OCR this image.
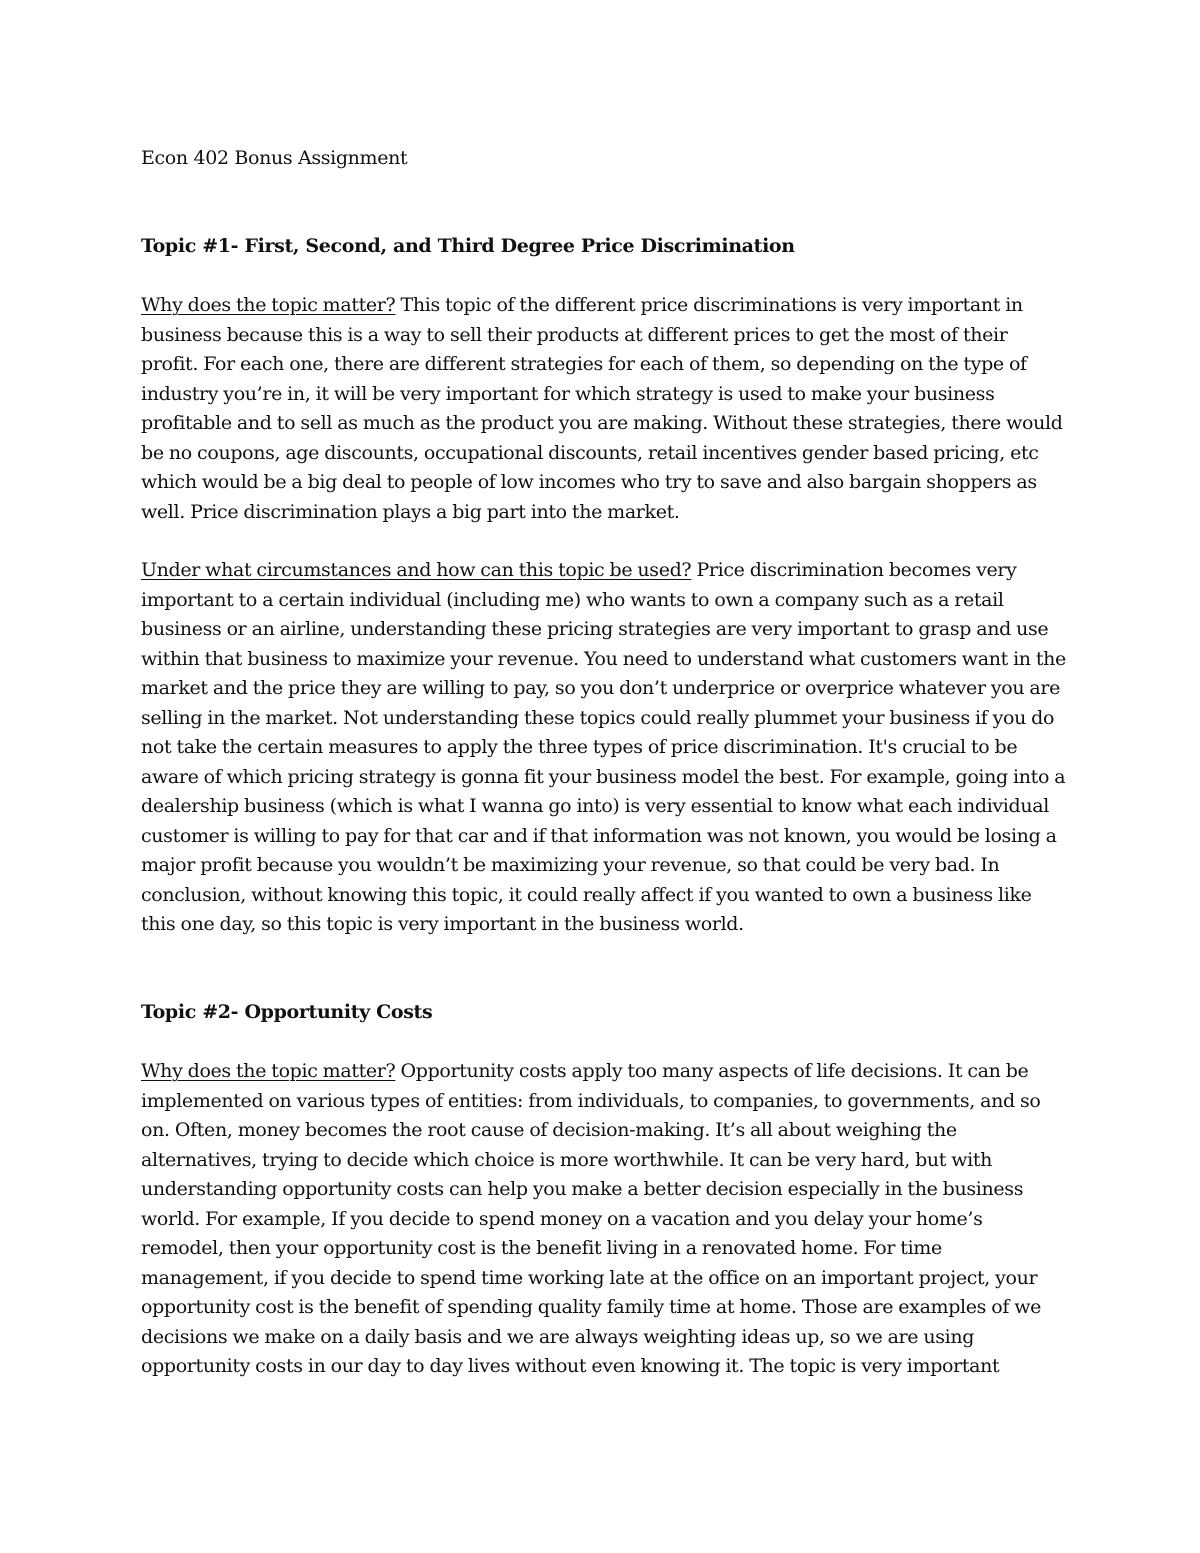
Econ 402 Bonus Assignment

Topic #1- First, Second, and Third Degree Price Discrimination

Why does the topic matter? This topic of the different price discriminations is very important in business because this is a way to sell their products at different prices to get the most of their profit. For each one, there are different strategies for each of them, so depending on the type of industry you’re in, it will be very important for which strategy is used to make your business profitable and to sell as much as the product you are making. Without these strategies, there would be no coupons, age discounts, occupational discounts, retail incentives gender based pricing, etc which would be a big deal to people of low incomes who try to save and also bargain shoppers as well. Price discrimination plays a big part into the market.

Under what circumstances and how can this topic be used? Price discrimination becomes very important to a certain individual (including me) who wants to own a company such as a retail business or an airline, understanding these pricing strategies are very important to grasp and use within that business to maximize your revenue. You need to understand what customers want in the market and the price they are willing to pay, so you don’t underprice or overprice whatever you are selling in the market. Not understanding these topics could really plummet your business if you do not take the certain measures to apply the three types of price discrimination. It's crucial to be aware of which pricing strategy is gonna fit your business model the best. For example, going into a dealership business (which is what I wanna go into) is very essential to know what each individual customer is willing to pay for that car and if that information was not known, you would be losing a major profit because you wouldn’t be maximizing your revenue, so that could be very bad. In conclusion, without knowing this topic, it could really affect if you wanted to own a business like this one day, so this topic is very important in the business world.

Topic #2- Opportunity Costs

Why does the topic matter? Opportunity costs apply too many aspects of life decisions. It can be implemented on various types of entities: from individuals, to companies, to governments, and so on. Often, money becomes the root cause of decision-making. It’s all about weighing the alternatives, trying to decide which choice is more worthwhile. It can be very hard, but with understanding opportunity costs can help you make a better decision especially in the business world. For example, If you decide to spend money on a vacation and you delay your home’s remodel, then your opportunity cost is the benefit living in a renovated home. For time management, if you decide to spend time working late at the office on an important project, your opportunity cost is the benefit of spending quality family time at home. Those are examples of we decisions we make on a daily basis and we are always weighting ideas up, so we are using opportunity costs in our day to day lives without even knowing it. The topic is very important
